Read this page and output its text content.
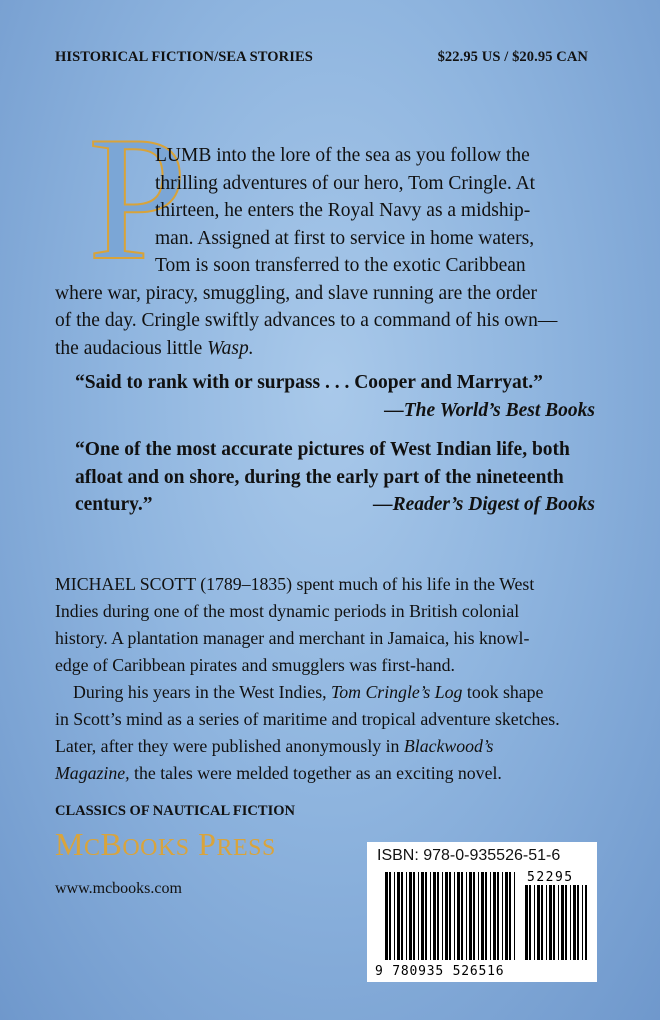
HISTORICAL FICTION/SEA STORIES	$22.95 US / $20.95 CAN
P
LUMB into the lore of the sea as you follow the
thrilling adventures of our hero, Tom Cringle. At
thirteen, he enters the Royal Navy as a midship-
man. Assigned at first to service in home waters,
Tom is soon transferred to the exotic Caribbean
where war, piracy, smuggling, and slave running are the order
of the day. Cringle swiftly advances to a command of his own—
the audacious little Wasp.
“Said to rank with or surpass . . . Cooper and Marryat.”
—The World’s Best Books
“One of the most accurate pictures of West Indian life, both
afloat and on shore, during the early part of the nineteenth
century.”	—Reader’s Digest of Books
MICHAEL SCOTT (1789–1835) spent much of his life in the West
Indies during one of the most dynamic periods in British colonial
history. A plantation manager and merchant in Jamaica, his knowl-
edge of Caribbean pirates and smugglers was first-hand.
During his years in the West Indies, Tom Cringle’s Log took shape
in Scott’s mind as a series of maritime and tropical adventure sketches.
Later, after they were published anonymously in Blackwood’s
Magazine, the tales were melded together as an exciting novel.
CLASSICS OF NAUTICAL FICTION
MCBOOKS PRESS
www.mcbooks.com
ISBN: 978-0-935526-51-6
52295
9 780935 526516
